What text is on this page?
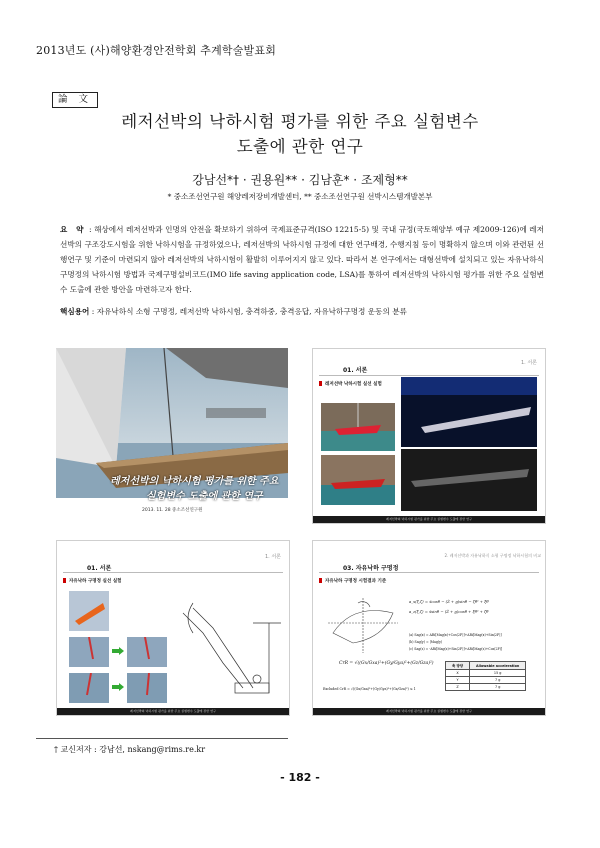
2013년도 (사)해양환경안전학회 추계학술발표회
論 文
레저선박의 낙하시험 평가를 위한 주요 실험변수
도출에 관한 연구
강남선*† · 권용원** · 김남훈* · 조제형**
* 중소조선연구원 해양레저장비개발센터, ** 중소조선연구원 선박시스템개발본부
요 약 : 해상에서 레저선박과 인명의 안전을 확보하기 위하여 국제표준규격(ISO 12215-5) 및 국내 규정(국토해양부 예규 제2009-126)에 레저선박의 구조강도시험을 위한 낙하시험을 규정하였으나, 레저선박의 낙하시험 규정에 대한 연구배경, 수행지침 등이 명확하지 않으며 이와 관련된 선행연구 및 기준이 마련되지 않아 레저선박의 낙하시험이 활발히 이루어지지 않고 있다. 따라서 본 연구에서는 대형선박에 설치되고 있는 자유낙하식 구명정의 낙하시험 방법과 국제구명설비코드(IMO life saving application code, LSA)를 통하여 레저선박의 낙하시험 평가를 위한 주요 실험변수 도출에 관한 방안을 마련하고자 한다.
핵심용어 : 자유낙하식 소형 구명정, 레저선박 낙하시험, 충격하중, 충격응답, 자유낙하구명정 운동의 분류
레저선박의 낙하시험 평가를 위한 주요
실험변수 도출에 관한 연구
2013. 11. 28 중소조선연구원
01. 서론
1. 서론
레저선박 낙하시험 실선 실험
레저선박의 낙하시험 평가를 위한 주요 실험변수 도출에 관한 연구
01. 서론
1. 서론
자유낙하 구명정 실선 실험
레저선박의 낙하시험 평가를 위한 주요 실험변수 도출에 관한 연구
03. 자유낙하 구명정
2. 레저선박과 자유낙하식 소형 구명정 낙하시험의 비교
자유낙하 구명정 시험결과 기준
a_x(ξ,ζ) = ẍcosθ − (Ż + g)sinθ − ζθ̇² + ξθ̈
a_z(ξ,ζ) = ẍsinθ − (Ż + g)cosθ + ξθ̇² + ζθ̈
(a) Sag(x) = ARi[Mag(x)+Cos(2F)]+ARi[Mag(x)+Sin(2F)]
(b) Sag(y) = |Mag(y)
(c) Sag(z) = -ARi[Mag(z)+Sin(2F)]+ARi[Mag(z)+Cos(2F)]
CrR = √((Gx/Gxa)²+(Gy/Gya)²+(Gz/Gza)²)
Excluded CrR = √((Gx/Gxa)²+(Gy/Gya)²+(Gz/Gza)²) ≤ 1
축 방향	Allowable acceleration
X	15 g
Y	7 g
Z	7 g
레저선박의 낙하시험 평가를 위한 주요 실험변수 도출에 관한 연구
† 교신저자 : 강남선, nskang@rims.re.kr
- 182 -
